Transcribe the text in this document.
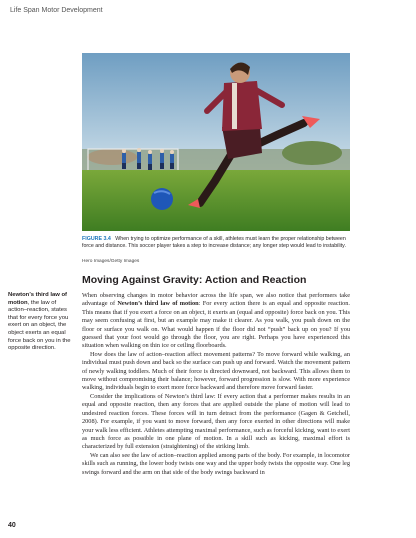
Life Span Motor Development
FIGURE 3.4 When trying to optimize performance of a skill, athletes must learn the proper relationship between force and distance. This soccer player takes a step to increase distance; any longer step would lead to instability.
Hero Images/Getty Images
Moving Against Gravity: Action and Reaction
Newton’s third law of motion, the law of action–reaction, states that for every force you exert on an object, the object exerts an equal force back on you in the opposite direction.

When observing changes in motor behavior across the life span, we also notice that performers take advantage of Newton’s third law of motion: For every action there is an equal and opposite reaction. This means that if you exert a force on an object, it exerts an (equal and opposite) force back on you. This may seem confusing at first, but an example may make it clearer. As you walk, you push down on the floor or surface you walk on. What would happen if the floor did not “push” back up on you? If you guessed that your foot would go through the floor, you are right. Perhaps you have experienced this situation when walking on thin ice or ceiling floorboards.

How does the law of action–reaction affect movement patterns? To move forward while walking, an individual must push down and back so the surface can push up and forward. Watch the movement pattern of newly walking toddlers. Much of their force is directed downward, not backward. This allows them to move without compromising their balance; however, forward progression is slow. With more experience walking, individuals begin to exert more force backward and therefore move forward faster.

Consider the implications of Newton’s third law: If every action that a performer makes results in an equal and opposite reaction, then any forces that are applied outside the plane of motion will lead to undesired reaction forces. These forces will in turn detract from the performance (Gagen & Getchell, 2008). For example, if you want to move forward, then any force exerted in other directions will make your walk less efficient. Athletes attempting maximal performance, such as forceful kicking, want to exert as much force as possible in one plane of motion. In a skill such as kicking, maximal effort is characterized by full extension (straightening) of the striking limb.

We can also see the law of action–reaction applied among parts of the body. For example, in locomotor skills such as running, the lower body twists one way and the upper body twists the opposite way. One leg swings forward and the arm on that side of the body swings backward in

40
